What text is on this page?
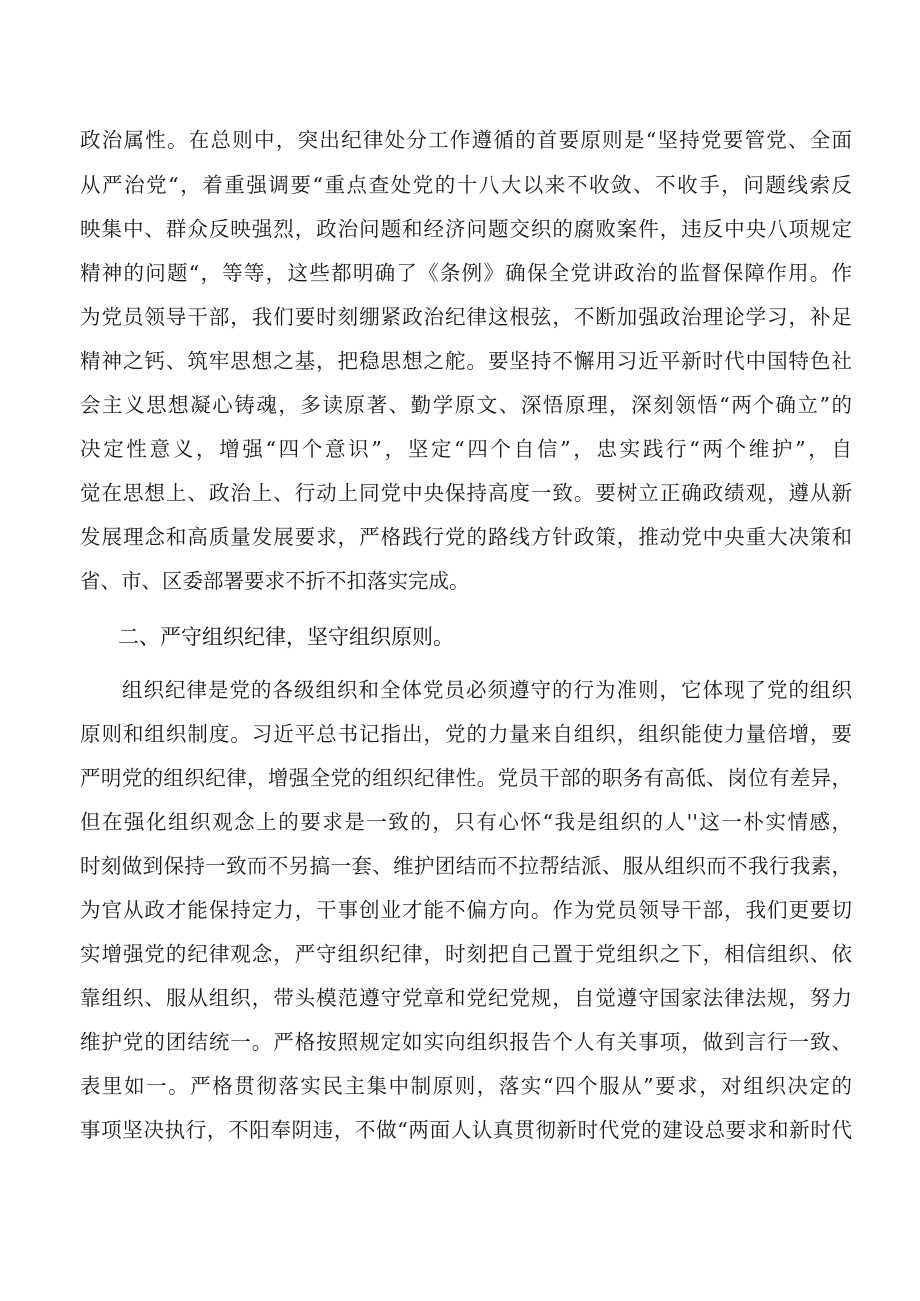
政治属性。在总则中，突出纪律处分工作遵循的首要原则是“坚持党要管党、全面
从严治党“，着重强调要“重点查处党的十八大以来不收敛、不收手，问题线索反
映集中、群众反映强烈，政治问题和经济问题交织的腐败案件，违反中央八项规定
精神的问题“，等等，这些都明确了《条例》确保全党讲政治的监督保障作用。作
为党员领导干部，我们要时刻绷紧政治纪律这根弦，不断加强政治理论学习，补足
精神之钙、筑牢思想之基，把稳思想之舵。要坚持不懈用习近平新时代中国特色社
会主义思想凝心铸魂，多读原著、勤学原文、深悟原理，深刻领悟“两个确立”的
决定性意义，增强“四个意识”，坚定“四个自信”，忠实践行“两个维护”，自
觉在思想上、政治上、行动上同党中央保持高度一致。要树立正确政绩观，遵从新
发展理念和高质量发展要求，严格践行党的路线方针政策，推动党中央重大决策和
省、市、区委部署要求不折不扣落实完成。
二、严守组织纪律，坚守组织原则。
组织纪律是党的各级组织和全体党员必须遵守的行为准则，它体现了党的组织
原则和组织制度。习近平总书记指出，党的力量来自组织，组织能使力量倍增，要
严明党的组织纪律，增强全党的组织纪律性。党员干部的职务有高低、岗位有差异，
但在强化组织观念上的要求是一致的，只有心怀“我是组织的人''这一朴实情感，
时刻做到保持一致而不另搞一套、维护团结而不拉帮结派、服从组织而不我行我素，
为官从政才能保持定力，干事创业才能不偏方向。作为党员领导干部，我们更要切
实增强党的纪律观念，严守组织纪律，时刻把自己置于党组织之下，相信组织、依
靠组织、服从组织，带头模范遵守党章和党纪党规，自觉遵守国家法律法规，努力
维护党的团结统一。严格按照规定如实向组织报告个人有关事项，做到言行一致、
表里如一。严格贯彻落实民主集中制原则，落实“四个服从”要求，对组织决定的
事项坚决执行，不阳奉阴违，不做“两面人认真贯彻新时代党的建设总要求和新时代
